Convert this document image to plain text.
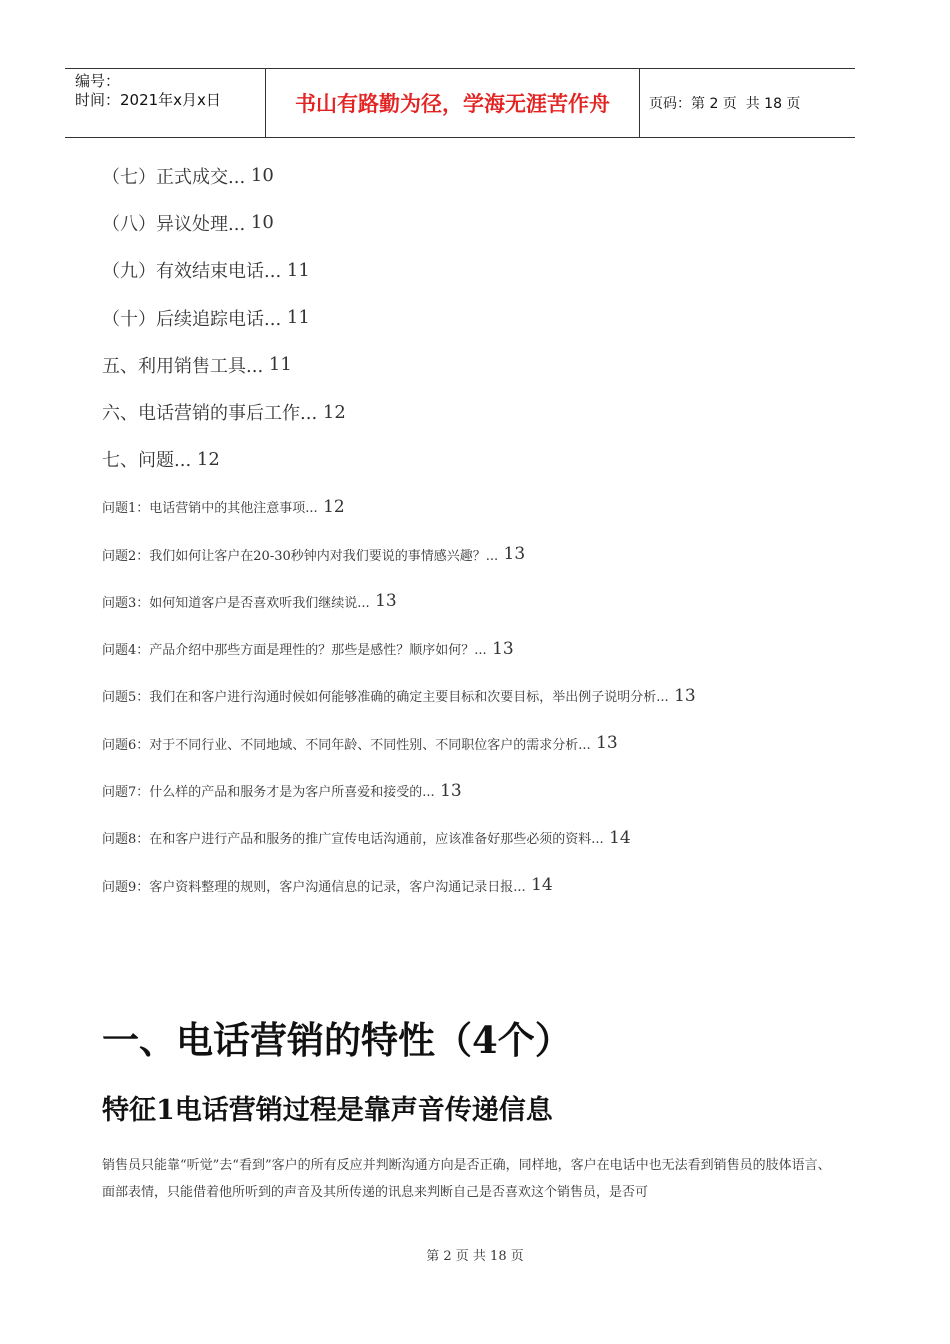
编号：
时间：2021年x月x日	书山有路勤为径，学海无涯苦作舟	页码：第 2 页  共 18 页
（七）正式成交... 10
（八）异议处理... 10
（九）有效结束电话... 11
（十）后续追踪电话... 11
五、利用销售工具... 11
六、电话营销的事后工作... 12
七、问题... 12
问题1：电话营销中的其他注意事项... 12
问题2：我们如何让客户在20-30秒钟内对我们要说的事情感兴趣？... 13
问题3：如何知道客户是否喜欢听我们继续说... 13
问题4：产品介绍中那些方面是理性的？那些是感性？顺序如何？... 13
问题5：我们在和客户进行沟通时候如何能够准确的确定主要目标和次要目标，举出例子说明分析... 13
问题6：对于不同行业、不同地域、不同年龄、不同性别、不同职位客户的需求分析... 13
问题7：什么样的产品和服务才是为客户所喜爱和接受的... 13
问题8：在和客户进行产品和服务的推广宣传电话沟通前，应该准备好那些必须的资料... 14
问题9：客户资料整理的规则，客户沟通信息的记录，客户沟通记录日报... 14
一、电话营销的特性（4个）
特征1电话营销过程是靠声音传递信息
销售员只能靠“听觉”去“看到”客户的所有反应并判断沟通方向是否正确，同样地，客户在电话中也无法看到销售员的肢体语言、面部表情，只能借着他所听到的声音及其所传递的讯息来判断自己是否喜欢这个销售员，是否可
第 2 页 共 18 页
